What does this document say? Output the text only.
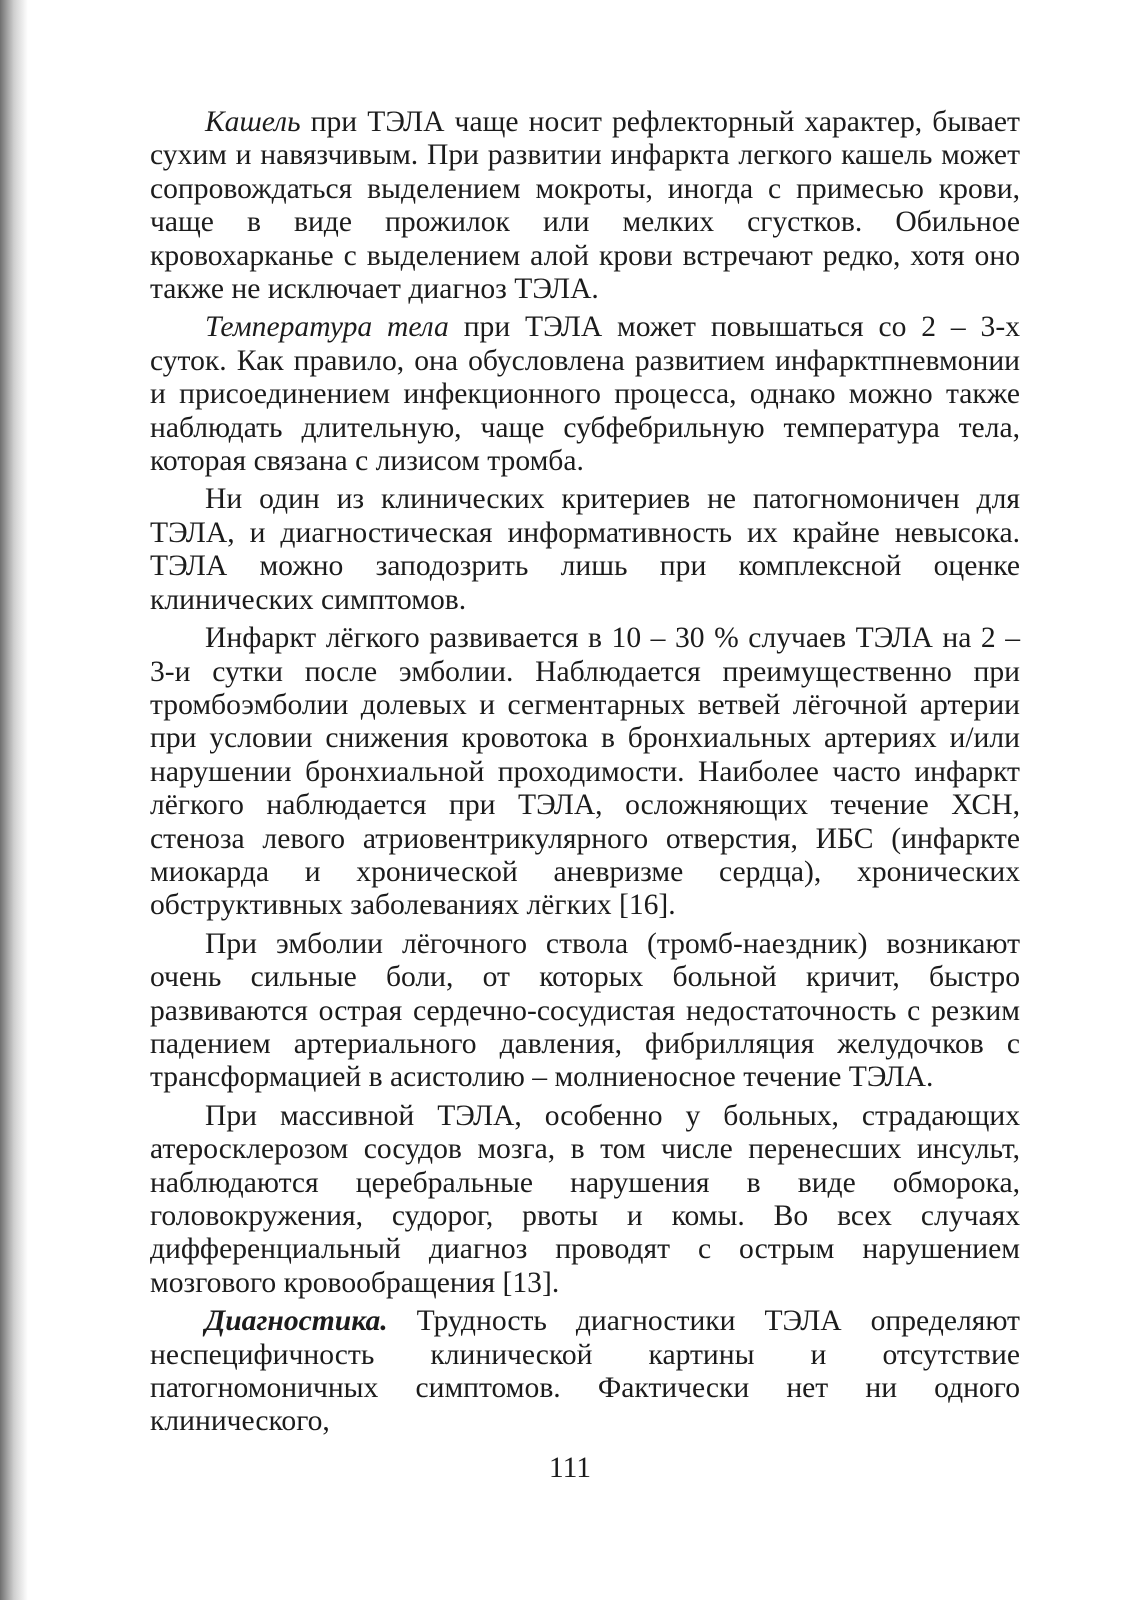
Кашель при ТЭЛА чаще носит рефлекторный характер, бывает сухим и навязчивым. При развитии инфаркта легкого кашель может сопровождаться выделением мокроты, иногда с примесью крови, чаще в виде прожилок или мелких сгустков. Обильное кровохарканье с выделением алой крови встречают редко, хотя оно также не исключает диагноз ТЭЛА.

Температура тела при ТЭЛА может повышаться со 2 – 3-х суток. Как правило, она обусловлена развитием инфарктпневмонии и присоединением инфекционного процесса, однако можно также наблюдать длительную, чаще субфебрильную температура тела, которая связана с лизисом тромба.

Ни один из клинических критериев не патогномоничен для ТЭЛА, и диагностическая информативность их крайне невысока. ТЭЛА можно заподозрить лишь при комплексной оценке клинических симптомов.

Инфаркт лёгкого развивается в 10 – 30 % случаев ТЭЛА на 2 – 3-и сутки после эмболии. Наблюдается преимущественно при тромбоэмболии долевых и сегментарных ветвей лёгочной артерии при условии снижения кровотока в бронхиальных артериях и/или нарушении бронхиальной проходимости. Наиболее часто инфаркт лёгкого наблюдается при ТЭЛА, осложняющих течение ХСН, стеноза левого атриовентрикулярного отверстия, ИБС (инфаркте миокарда и хронической аневризме сердца), хронических обструктивных заболеваниях лёгких [16].

При эмболии лёгочного ствола (тромб-наездник) возникают очень сильные боли, от которых больной кричит, быстро развиваются острая сердечно-сосудистая недостаточность с резким падением артериального давления, фибрилляция желудочков с трансформацией в асистолию – молниеносное течение ТЭЛА.

При массивной ТЭЛА, особенно у больных, страдающих атеросклерозом сосудов мозга, в том числе перенесших инсульт, наблюдаются церебральные нарушения в виде обморока, головокружения, судорог, рвоты и комы. Во всех случаях дифференциальный диагноз проводят с острым нарушением мозгового кровообращения [13].

Диагностика. Трудность диагностики ТЭЛА определяют неспецифичность клинической картины и отсутствие патогномоничных симптомов. Фактически нет ни одного клинического,

111
